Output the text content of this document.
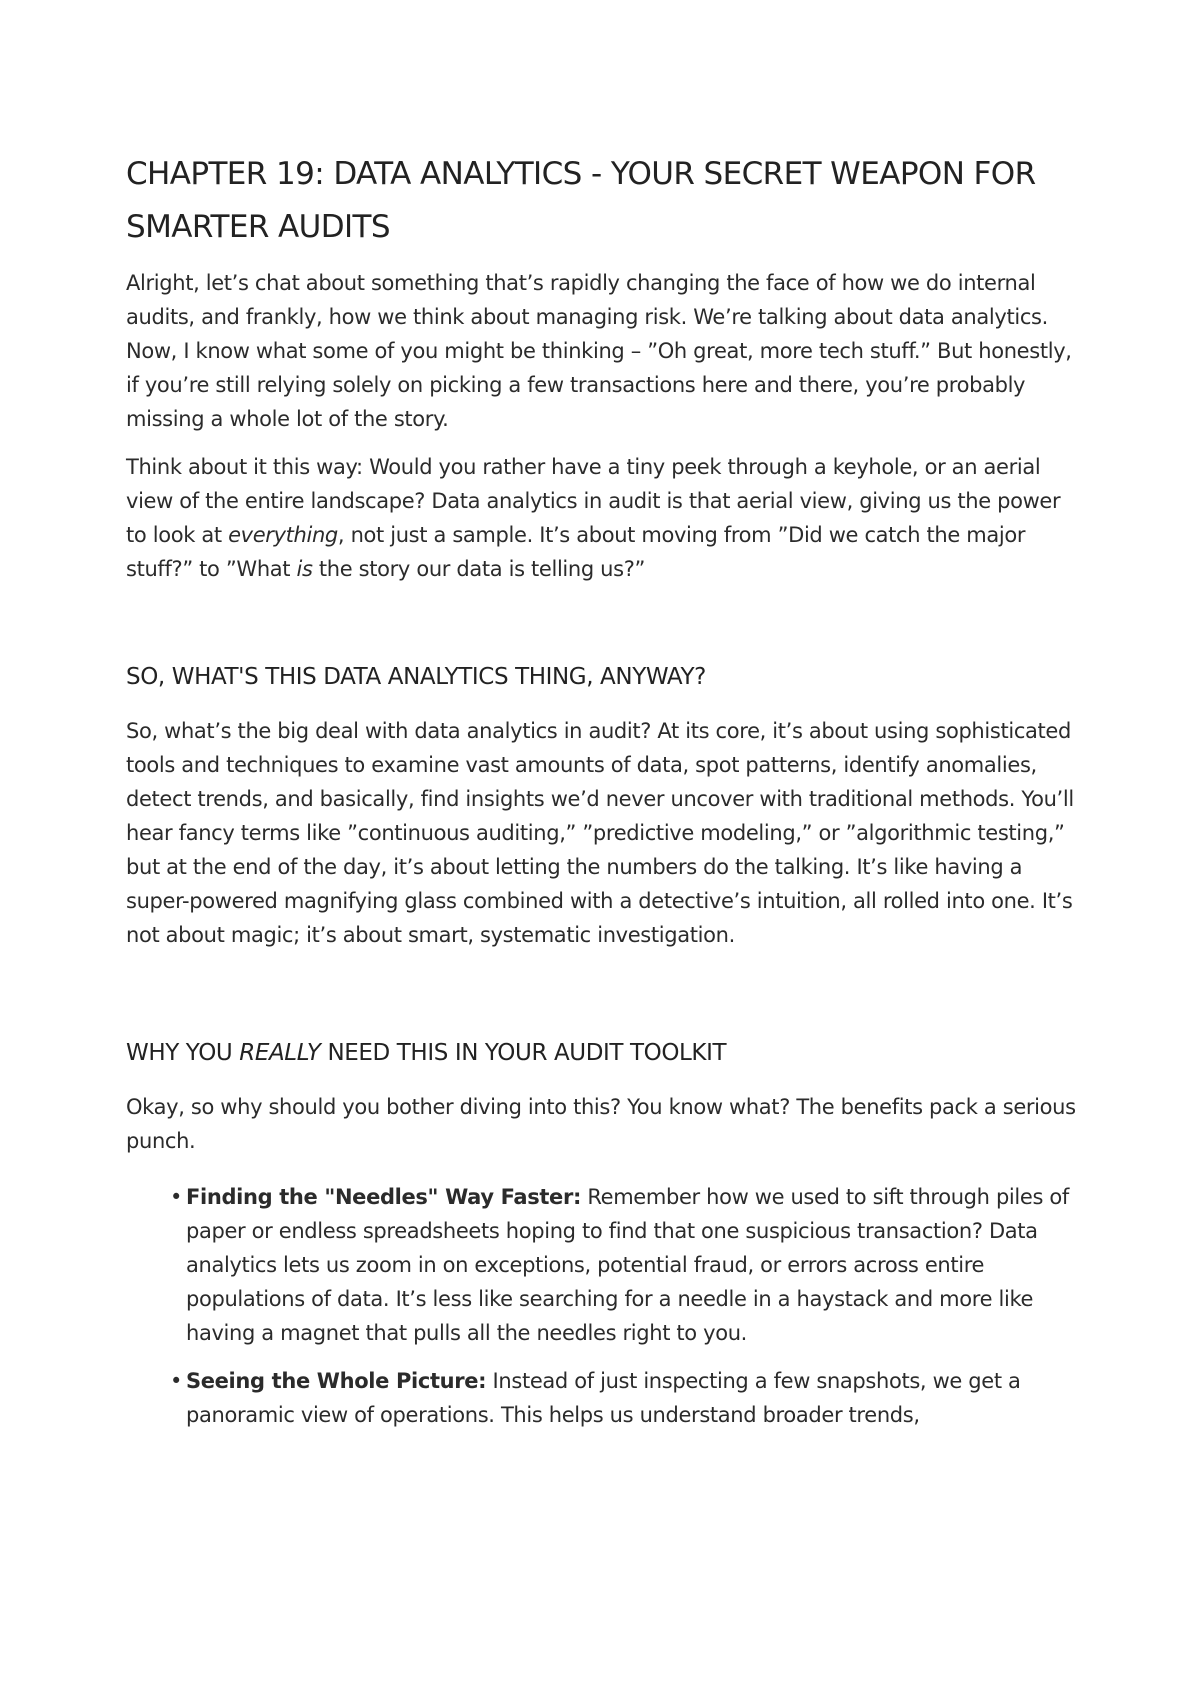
CHAPTER 19: DATA ANALYTICS - YOUR SECRET WEAPON FOR SMARTER AUDITS

Alright, let’s chat about something that’s rapidly changing the face of how we do internal audits, and frankly, how we think about managing risk. We’re talking about data analytics. Now, I know what some of you might be thinking – ”Oh great, more tech stuff.” But honestly, if you’re still relying solely on picking a few transactions here and there, you’re probably missing a whole lot of the story.

Think about it this way: Would you rather have a tiny peek through a keyhole, or an aerial view of the entire landscape? Data analytics in audit is that aerial view, giving us the power to look at everything, not just a sample. It’s about moving from ”Did we catch the major stuff?” to ”What is the story our data is telling us?”

SO, WHAT'S THIS DATA ANALYTICS THING, ANYWAY?

So, what’s the big deal with data analytics in audit? At its core, it’s about using sophisticated tools and techniques to examine vast amounts of data, spot patterns, identify anomalies, detect trends, and basically, find insights we’d never uncover with traditional methods. You’ll hear fancy terms like ”continuous auditing,” ”predictive modeling,” or ”algorithmic testing,” but at the end of the day, it’s about letting the numbers do the talking. It’s like having a super-powered magnifying glass combined with a detective’s intuition, all rolled into one. It’s not about magic; it’s about smart, systematic investigation.

WHY YOU REALLY NEED THIS IN YOUR AUDIT TOOLKIT

Okay, so why should you bother diving into this? You know what? The benefits pack a serious punch.

• Finding the "Needles" Way Faster: Remember how we used to sift through piles of paper or endless spreadsheets hoping to find that one suspicious transaction? Data analytics lets us zoom in on exceptions, potential fraud, or errors across entire populations of data. It’s less like searching for a needle in a haystack and more like having a magnet that pulls all the needles right to you.
• Seeing the Whole Picture: Instead of just inspecting a few snapshots, we get a panoramic view of operations. This helps us understand broader trends,
